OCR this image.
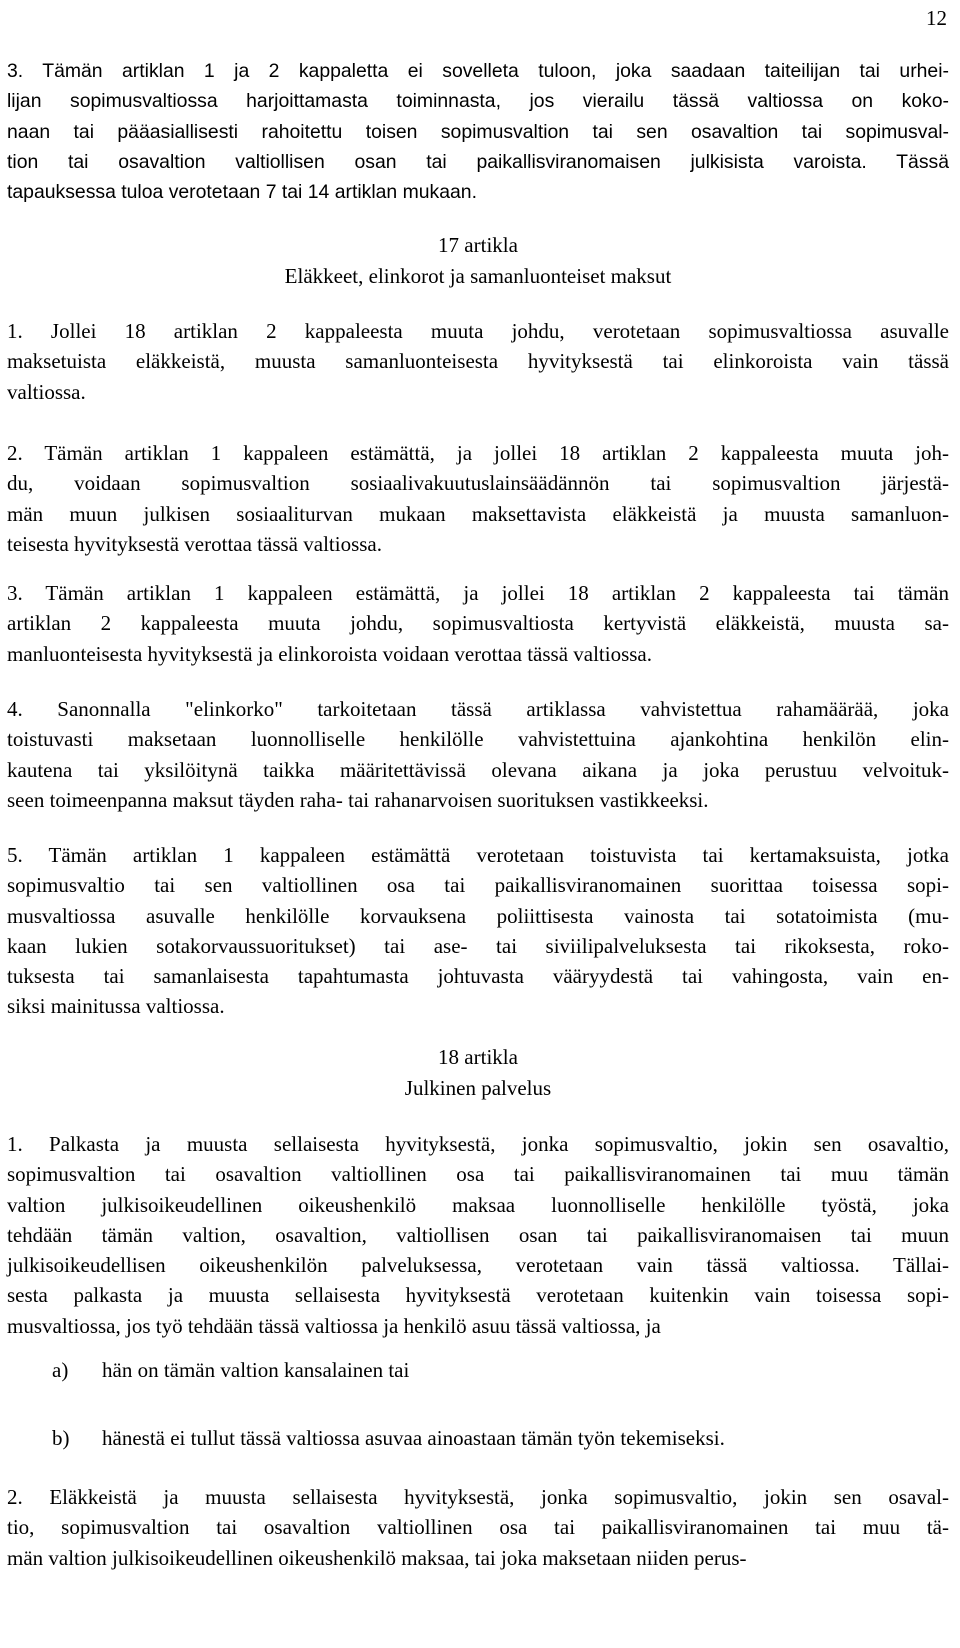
12
3. Tämän artiklan 1 ja 2 kappaletta ei sovelleta tuloon, joka saadaan taiteilijan tai urhei-
lijan sopimusvaltiossa harjoittamasta toiminnasta, jos vierailu tässä valtiossa on koko-
naan tai pääasiallisesti rahoitettu toisen sopimusvaltion tai sen osavaltion tai sopimusval-
tion tai osavaltion valtiollisen osan tai paikallisviranomaisen julkisista varoista. Tässä
tapauksessa tuloa verotetaan 7 tai 14 artiklan mukaan.
17 artikla
Eläkkeet, elinkorot ja samanluonteiset maksut
1. Jollei 18 artiklan 2 kappaleesta muuta johdu, verotetaan sopimusvaltiossa asuvalle
maksetuista eläkkeistä, muusta samanluonteisesta hyvityksestä tai elinkoroista vain tässä
valtiossa.
2. Tämän artiklan 1 kappaleen estämättä, ja jollei 18 artiklan 2 kappaleesta muuta joh-
du, voidaan sopimusvaltion sosiaalivakuutuslainsäädännön tai sopimusvaltion järjestä-
män muun julkisen sosiaaliturvan mukaan maksettavista eläkkeistä ja muusta samanluon-
teisesta hyvityksestä verottaa tässä valtiossa.
3. Tämän artiklan 1 kappaleen estämättä, ja jollei 18 artiklan 2 kappaleesta tai tämän
artiklan 2 kappaleesta muuta johdu, sopimusvaltiosta kertyvistä eläkkeistä, muusta sa-
manluonteisesta hyvityksestä ja elinkoroista voidaan verottaa tässä valtiossa.
4. Sanonnalla "elinkorko" tarkoitetaan tässä artiklassa vahvistettua rahamäärää, joka
toistuvasti maksetaan luonnolliselle henkilölle vahvistettuina ajankohtina henkilön elin-
kautena tai yksilöitynä taikka määritettävissä olevana aikana ja joka perustuu velvoituk-
seen toimeenpanna maksut täyden raha- tai rahanarvoisen suorituksen vastikkeeksi.
5. Tämän artiklan 1 kappaleen estämättä verotetaan toistuvista tai kertamaksuista, jotka
sopimusvaltio tai sen valtiollinen osa tai paikallisviranomainen suorittaa toisessa sopi-
musvaltiossa asuvalle henkilölle korvauksena poliittisesta vainosta tai sotatoimista (mu-
kaan lukien sotakorvaussuoritukset) tai ase- tai siviilipalveluksesta tai rikoksesta, roko-
tuksesta tai samanlaisesta tapahtumasta johtuvasta vääryydestä tai vahingosta, vain en-
siksi mainitussa valtiossa.
18 artikla
Julkinen palvelus
1. Palkasta ja muusta sellaisesta hyvityksestä, jonka sopimusvaltio, jokin sen osavaltio,
sopimusvaltion tai osavaltion valtiollinen osa tai paikallisviranomainen tai muu tämän
valtion julkisoikeudellinen oikeushenkilö maksaa luonnolliselle henkilölle työstä, joka
tehdään tämän valtion, osavaltion, valtiollisen osan tai paikallisviranomaisen tai muun
julkisoikeudellisen oikeushenkilön palveluksessa, verotetaan vain tässä valtiossa. Tällai-
sesta palkasta ja muusta sellaisesta hyvityksestä verotetaan kuitenkin vain toisessa sopi-
musvaltiossa, jos työ tehdään tässä valtiossa ja henkilö asuu tässä valtiossa, ja
a) hän on tämän valtion kansalainen tai
b) hänestä ei tullut tässä valtiossa asuvaa ainoastaan tämän työn tekemiseksi.
2. Eläkkeistä ja muusta sellaisesta hyvityksestä, jonka sopimusvaltio, jokin sen osaval-
tio, sopimusvaltion tai osavaltion valtiollinen osa tai paikallisviranomainen tai muu tä-
män valtion julkisoikeudellinen oikeushenkilö maksaa, tai joka maksetaan niiden perus-
